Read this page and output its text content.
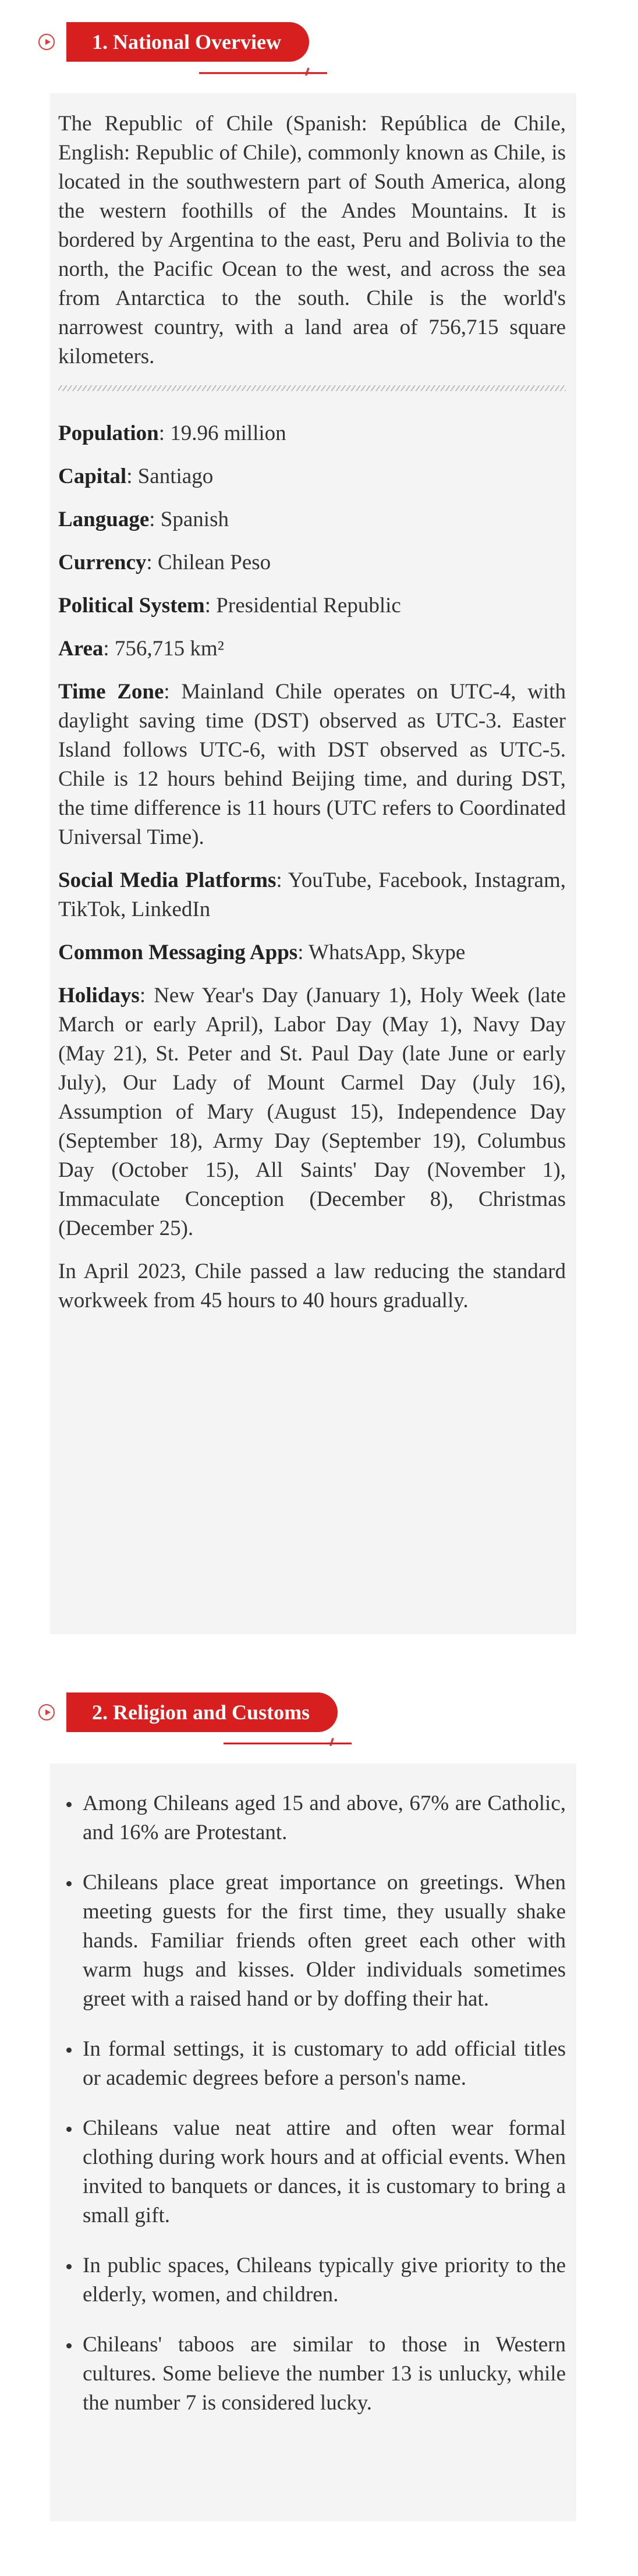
1. National Overview
//

The Republic of Chile (Spanish: República de Chile, English: Republic of Chile), commonly known as Chile, is located in the southwestern part of South America, along the western foothills of the Andes Mountains. It is bordered by Argentina to the east, Peru and Bolivia to the north, the Pacific Ocean to the west, and across the sea from Antarctica to the south. Chile is the world's narrowest country, with a land area of 756,715 square kilometers.

Population: 19.96 million
Capital: Santiago
Language: Spanish
Currency: Chilean Peso
Political System: Presidential Republic
Area: 756,715 km²
Time Zone: Mainland Chile operates on UTC-4, with daylight saving time (DST) observed as UTC-3. Easter Island follows UTC-6, with DST observed as UTC-5. Chile is 12 hours behind Beijing time, and during DST, the time difference is 11 hours (UTC refers to Coordinated Universal Time).
Social Media Platforms: YouTube, Facebook, Instagram, TikTok, LinkedIn
Common Messaging Apps: WhatsApp, Skype
Holidays: New Year's Day (January 1), Holy Week (late March or early April), Labor Day (May 1), Navy Day (May 21), St. Peter and St. Paul Day (late June or early July), Our Lady of Mount Carmel Day (July 16), Assumption of Mary (August 15), Independence Day (September 18), Army Day (September 19), Columbus Day (October 15), All Saints' Day (November 1), Immaculate Conception (December 8), Christmas (December 25).

In April 2023, Chile passed a law reducing the standard workweek from 45 hours to 40 hours gradually.

2. Religion and Customs
//
Among Chileans aged 15 and above, 67% are Catholic, and 16% are Protestant.
Chileans place great importance on greetings. When meeting guests for the first time, they usually shake hands. Familiar friends often greet each other with warm hugs and kisses. Older individuals sometimes greet with a raised hand or by doffing their hat.
In formal settings, it is customary to add official titles or academic degrees before a person's name.
Chileans value neat attire and often wear formal clothing during work hours and at official events. When invited to banquets or dances, it is customary to bring a small gift.
In public spaces, Chileans typically give priority to the elderly, women, and children.
Chileans' taboos are similar to those in Western cultures. Some believe the number 13 is unlucky, while the number 7 is considered lucky.
